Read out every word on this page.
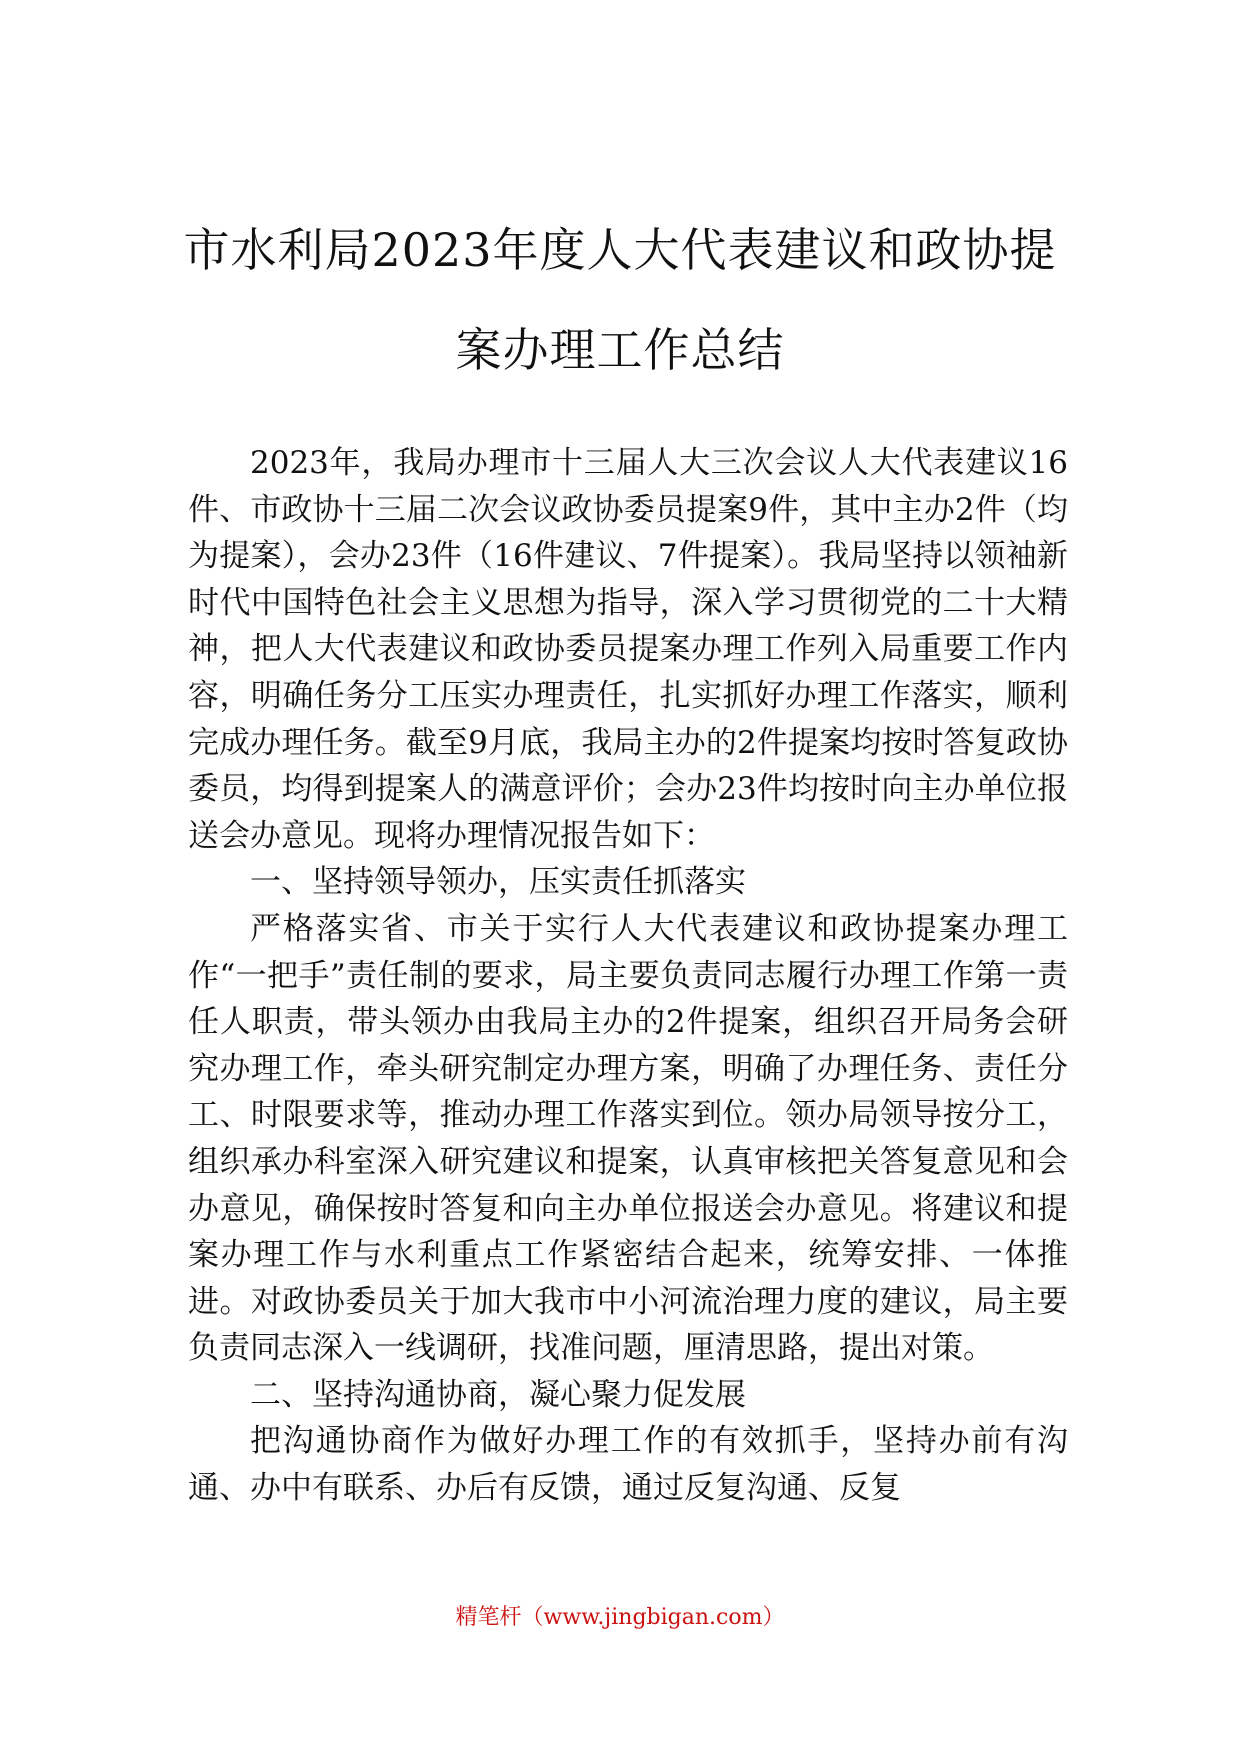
市水利局2023年度人大代表建议和政协提
案办理工作总结

2023年，我局办理市十三届人大三次会议人大代表建议16件、市政协十三届二次会议政协委员提案9件，其中主办2件（均为提案），会办23件（16件建议、7件提案）。我局坚持以领袖新时代中国特色社会主义思想为指导，深入学习贯彻党的二十大精神，把人大代表建议和政协委员提案办理工作列入局重要工作内容，明确任务分工压实办理责任，扎实抓好办理工作落实，顺利完成办理任务。截至9月底，我局主办的2件提案均按时答复政协委员，均得到提案人的满意评价；会办23件均按时向主办单位报送会办意见。现将办理情况报告如下：

一、坚持领导领办，压实责任抓落实

严格落实省、市关于实行人大代表建议和政协提案办理工作“一把手”责任制的要求，局主要负责同志履行办理工作第一责任人职责，带头领办由我局主办的2件提案，组织召开局务会研究办理工作，牵头研究制定办理方案，明确了办理任务、责任分工、时限要求等，推动办理工作落实到位。领办局领导按分工，组织承办科室深入研究建议和提案，认真审核把关答复意见和会办意见，确保按时答复和向主办单位报送会办意见。将建议和提案办理工作与水利重点工作紧密结合起来，统筹安排、一体推进。对政协委员关于加大我市中小河流治理力度的建议，局主要负责同志深入一线调研，找准问题，厘清思路，提出对策。

二、坚持沟通协商，凝心聚力促发展

把沟通协商作为做好办理工作的有效抓手，坚持办前有沟通、办中有联系、办后有反馈，通过反复沟通、反复

精笔杆（www.jingbigan.com）
